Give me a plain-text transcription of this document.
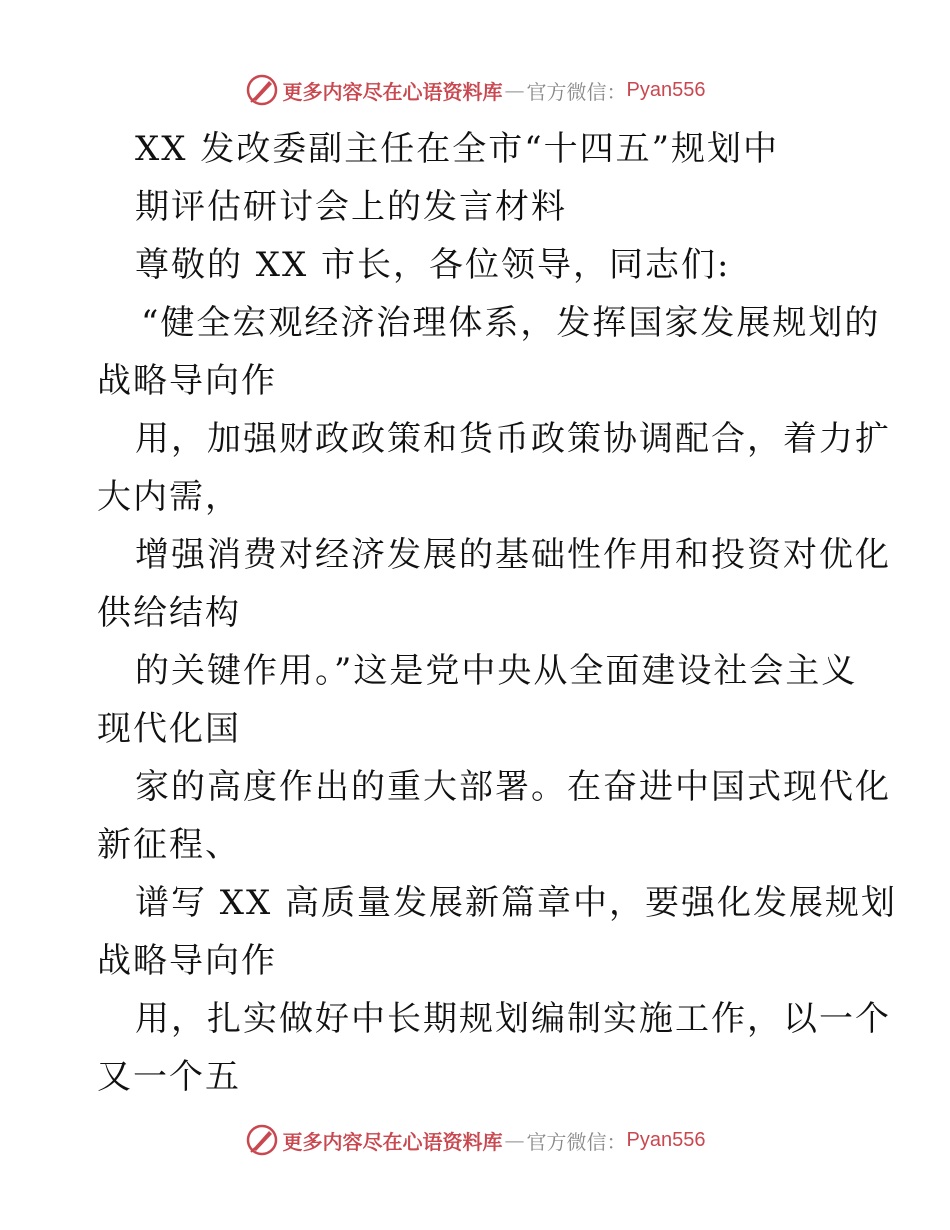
更多内容尽在心语资料库 — 官方微信： Pyan556
XX 发改委副主任在全市“十四五”规划中
期评估研讨会上的发言材料
尊敬的 XX 市长，各位领导，同志们:
“健全宏观经济治理体系，发挥国家发展规划的
战略导向作
用，加强财政政策和货币政策协调配合，着力扩
大内需，
增强消费对经济发展的基础性作用和投资对优化
供给结构
的关键作用。”这是党中央从全面建设社会主义
现代化国
家的高度作出的重大部署。在奋进中国式现代化
新征程、
谱写 XX 高质量发展新篇章中，要强化发展规划
战略导向作
用，扎实做好中长期规划编制实施工作，以一个
又一个五
更多内容尽在心语资料库 — 官方微信： Pyan556
